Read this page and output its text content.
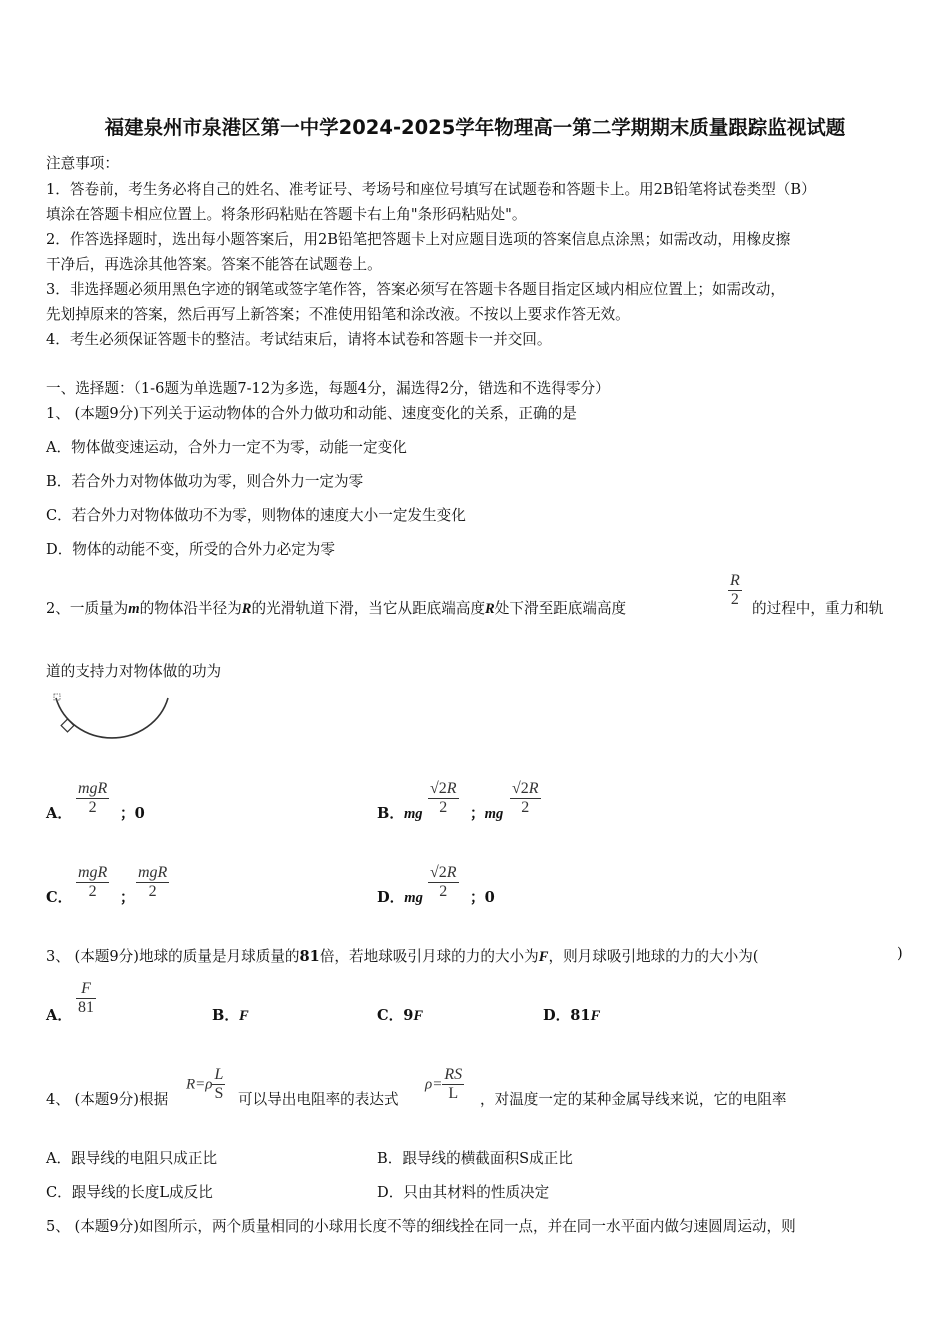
福建泉州市泉港区第一中学2024-2025学年物理高一第二学期期末质量跟踪监视试题
注意事项：
1．答卷前，考生务必将自己的姓名、准考证号、考场号和座位号填写在试题卷和答题卡上。用2B铅笔将试卷类型（B）
填涂在答题卡相应位置上。将条形码粘贴在答题卡右上角"条形码粘贴处"。
2．作答选择题时，选出每小题答案后，用2B铅笔把答题卡上对应题目选项的答案信息点涂黑；如需改动，用橡皮擦
干净后，再选涂其他答案。答案不能答在试题卷上。
3．非选择题必须用黑色字迹的钢笔或签字笔作答，答案必须写在答题卡各题目指定区域内相应位置上；如需改动，
先划掉原来的答案，然后再写上新答案；不准使用铅笔和涂改液。不按以上要求作答无效。
4．考生必须保证答题卡的整洁。考试结束后，请将本试卷和答题卡一并交回。
一、选择题：（1-6题为单选题7-12为多选，每题4分，漏选得2分，错选和不选得零分）
1、 (本题9分)下列关于运动物体的合外力做功和动能、速度变化的关系，正确的是
A．物体做变速运动，合外力一定不为零，动能一定变化
B．若合外力对物体做功为零，则合外力一定为零
C．若合外力对物体做功不为零，则物体的速度大小一定发生变化
D．物体的动能不变，所受的合外力必定为零
2、一质量为m的物体沿半径为R的光滑轨道下滑，当它从距底端高度R处下滑至距底端高度
$\frac{R}{2}$
的过程中，重力和轨
道的支持力对物体做的功为
A． $\frac{\text{mgR}}{2}$ ；0	B．mg $\frac{√2R}{2}$ ；mg $\frac{√2R}{2}$
C． $\frac{\text{mgR}}{2}$ ； $\frac{\text{mgR}}{2}$	D．mg $\frac{√2R}{2}$ ；0
3、 (本题9分)地球的质量是月球质量的81倍，若地球吸引月球的力的大小为F，则月球吸引地球的力的大小为(	)
A． $\frac{F}{81}$	B．F	C．9F	D．81F
4、 (本题9分)根据
$R=\rho \frac{L}{S}$ 可以导出电阻率的表达式
$\rho= \frac{RS}{L}$ ，对温度一定的某种金属导线来说，它的电阻率
A．跟导线的电阻只成正比	B．跟导线的横截面积S成正比
C．跟导线的长度L成反比	D．只由其材料的性质决定
5、 (本题9分)如图所示，两个质量相同的小球用长度不等的细线拴在同一点，并在同一水平面内做匀速圆周运动，则
